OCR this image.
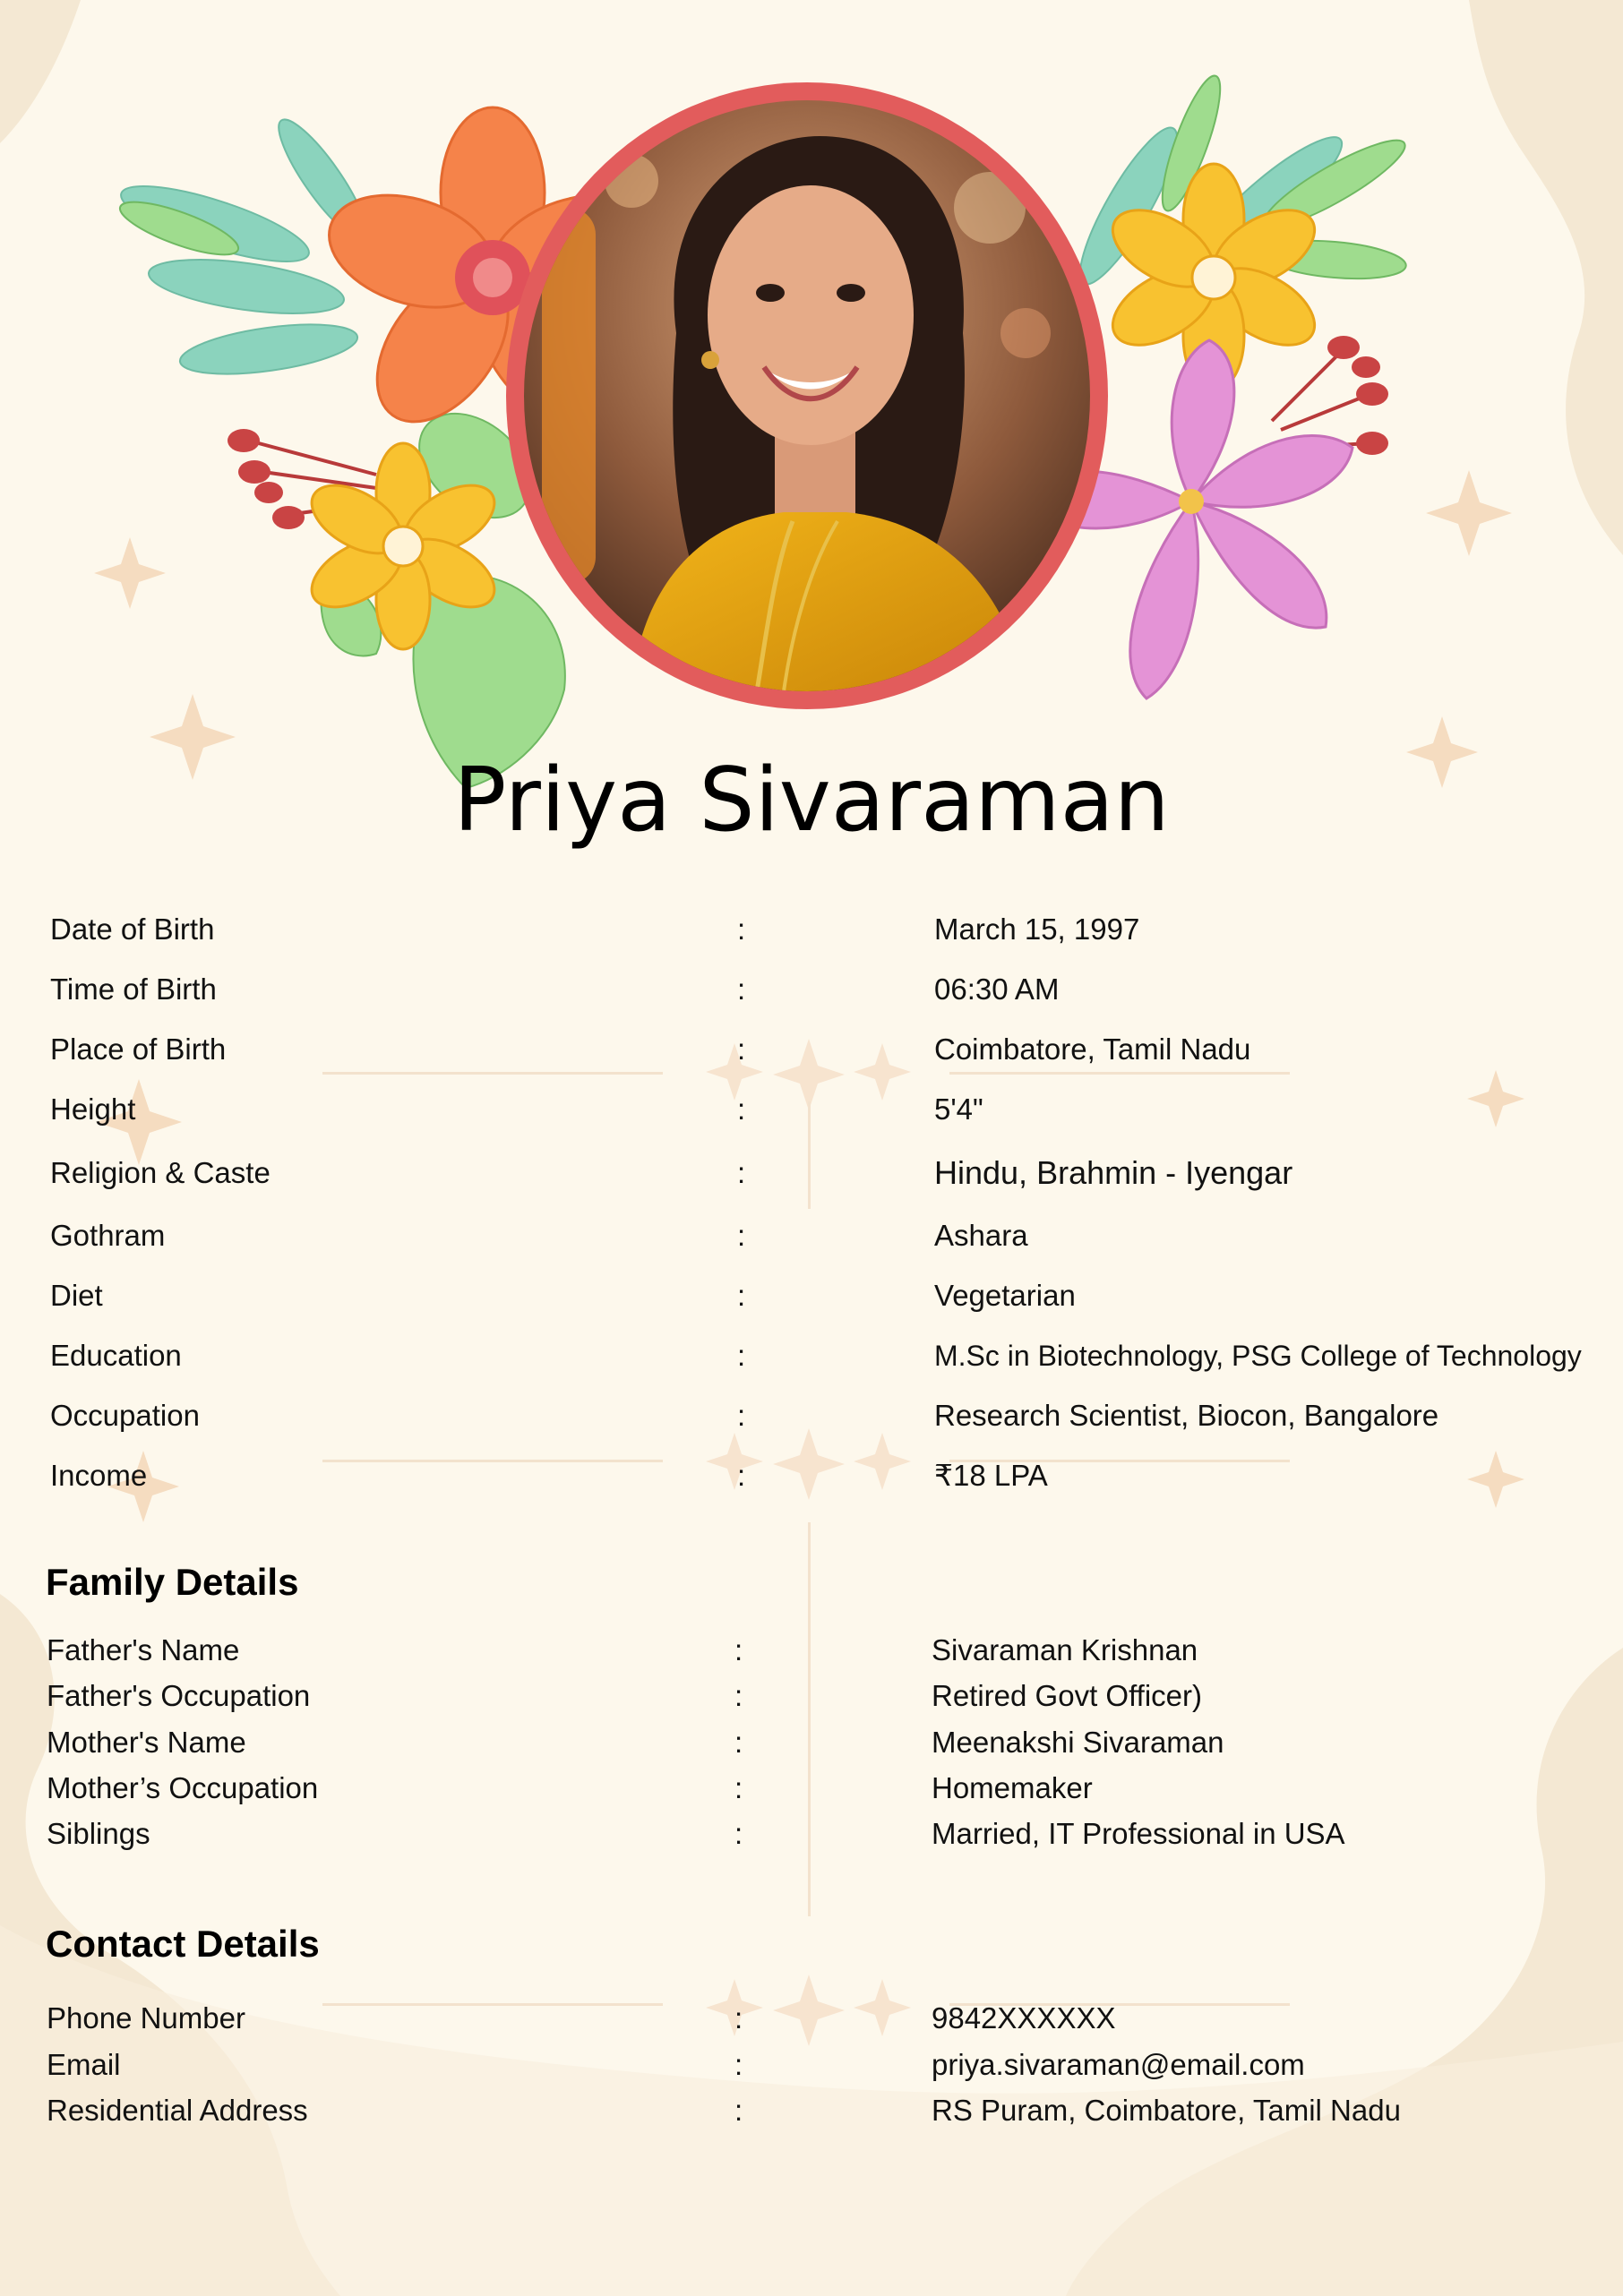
Priya Sivaraman
Date of Birth	:	March 15, 1997
Time of Birth	:	06:30 AM
Place of Birth	:	Coimbatore, Tamil Nadu
Height	:	5'4"
Religion & Caste	:	Hindu, Brahmin - Iyengar
Gothram	:	Ashara
Diet	:	Vegetarian
Education	:	M.Sc in Biotechnology, PSG College of Technology
Occupation	:	Research Scientist, Biocon, Bangalore
Income	:	₹18 LPA
Family Details
Father's Name	:	Sivaraman Krishnan
Father's Occupation	:	Retired Govt Officer)
Mother's Name	:	Meenakshi Sivaraman
Mother’s Occupation	:	Homemaker
Siblings	:	Married, IT Professional in USA
Contact Details
Phone Number	:	9842XXXXXX
Email	:	priya.sivaraman@email.com
Residential Address	:	RS Puram, Coimbatore, Tamil Nadu
